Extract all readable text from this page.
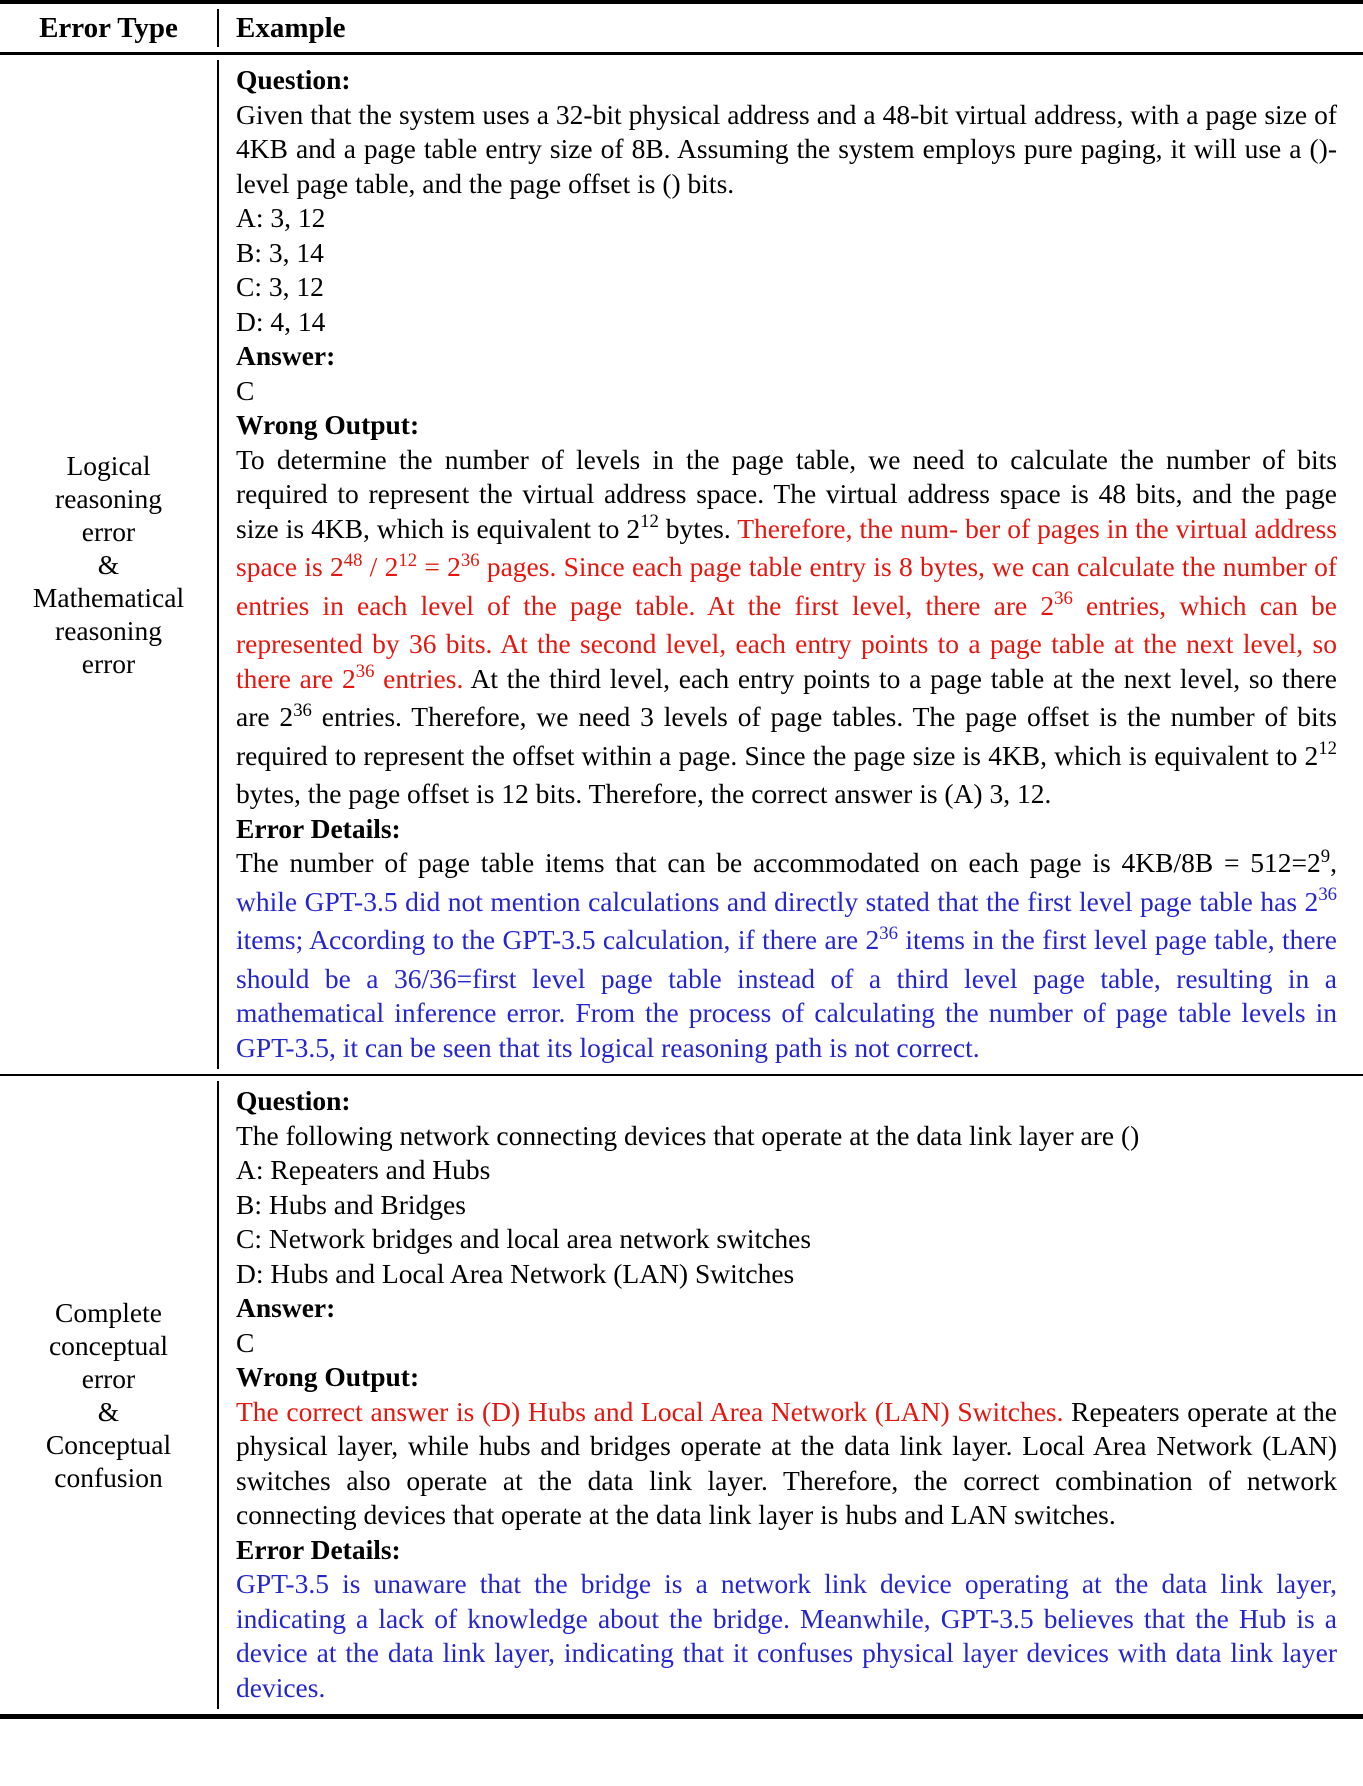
Error Type	Example
Logical
reasoning
error
&
Mathematical
reasoning
error
Question:
Given that the system uses a 32-bit physical address and a 48-bit virtual address, with a page size of 4KB and a page table entry size of 8B. Assuming the system employs pure paging, it will use a ()-level page table, and the page offset is () bits.
A: 3, 12
B: 3, 14
C: 3, 12
D: 4, 14
Answer:
C
Wrong Output:
To determine the number of levels in the page table, we need to calculate the number of bits required to represent the virtual address space. The virtual address space is 48 bits, and the page size is 4KB, which is equivalent to $2^{12}$ bytes. Therefore, the num- ber of pages in the virtual address space is $2^{48} / 2^{12} = 2^{36}$ pages. Since each page table entry is 8 bytes, we can calculate the number of entries in each level of the page table. At the first level, there are $2^{36}$ entries, which can be represented by 36 bits. At the second level, each entry points to a page table at the next level, so there are $2^{36}$ entries. At the third level, each entry points to a page table at the next level, so there are $2^{36}$ entries. Therefore, we need 3 levels of page tables. The page offset is the number of bits required to represent the offset within a page. Since the page size is 4KB, which is equivalent to $2^{12}$ bytes, the page offset is 12 bits. Therefore, the correct answer is (A) 3, 12.
Error Details:
The number of page table items that can be accommodated on each page is $4KB/8B = 512=2^9$, while GPT-3.5 did not mention calculations and directly stated that the first level page table has $2^{36}$ items; According to the GPT-3.5 calculation, if there are $2^{36}$ items in the first level page table, there should be a 36/36=first level page table instead of a third level page table, resulting in a mathematical inference error. From the process of calculating the number of page table levels in GPT-3.5, it can be seen that its logical reasoning path is not correct.
Complete
conceptual
error
&
Conceptual
confusion
Question:
The following network connecting devices that operate at the data link layer are ()
A: Repeaters and Hubs
B: Hubs and Bridges
C: Network bridges and local area network switches
D: Hubs and Local Area Network (LAN) Switches
Answer:
C
Wrong Output:
The correct answer is (D) Hubs and Local Area Network (LAN) Switches. Repeaters operate at the physical layer, while hubs and bridges operate at the data link layer. Local Area Network (LAN) switches also operate at the data link layer. Therefore, the correct combination of network connecting devices that operate at the data link layer is hubs and LAN switches.
Error Details:
GPT-3.5 is unaware that the bridge is a network link device operating at the data link layer, indicating a lack of knowledge about the bridge. Meanwhile, GPT-3.5 believes that the Hub is a device at the data link layer, indicating that it confuses physical layer devices with data link layer devices.
